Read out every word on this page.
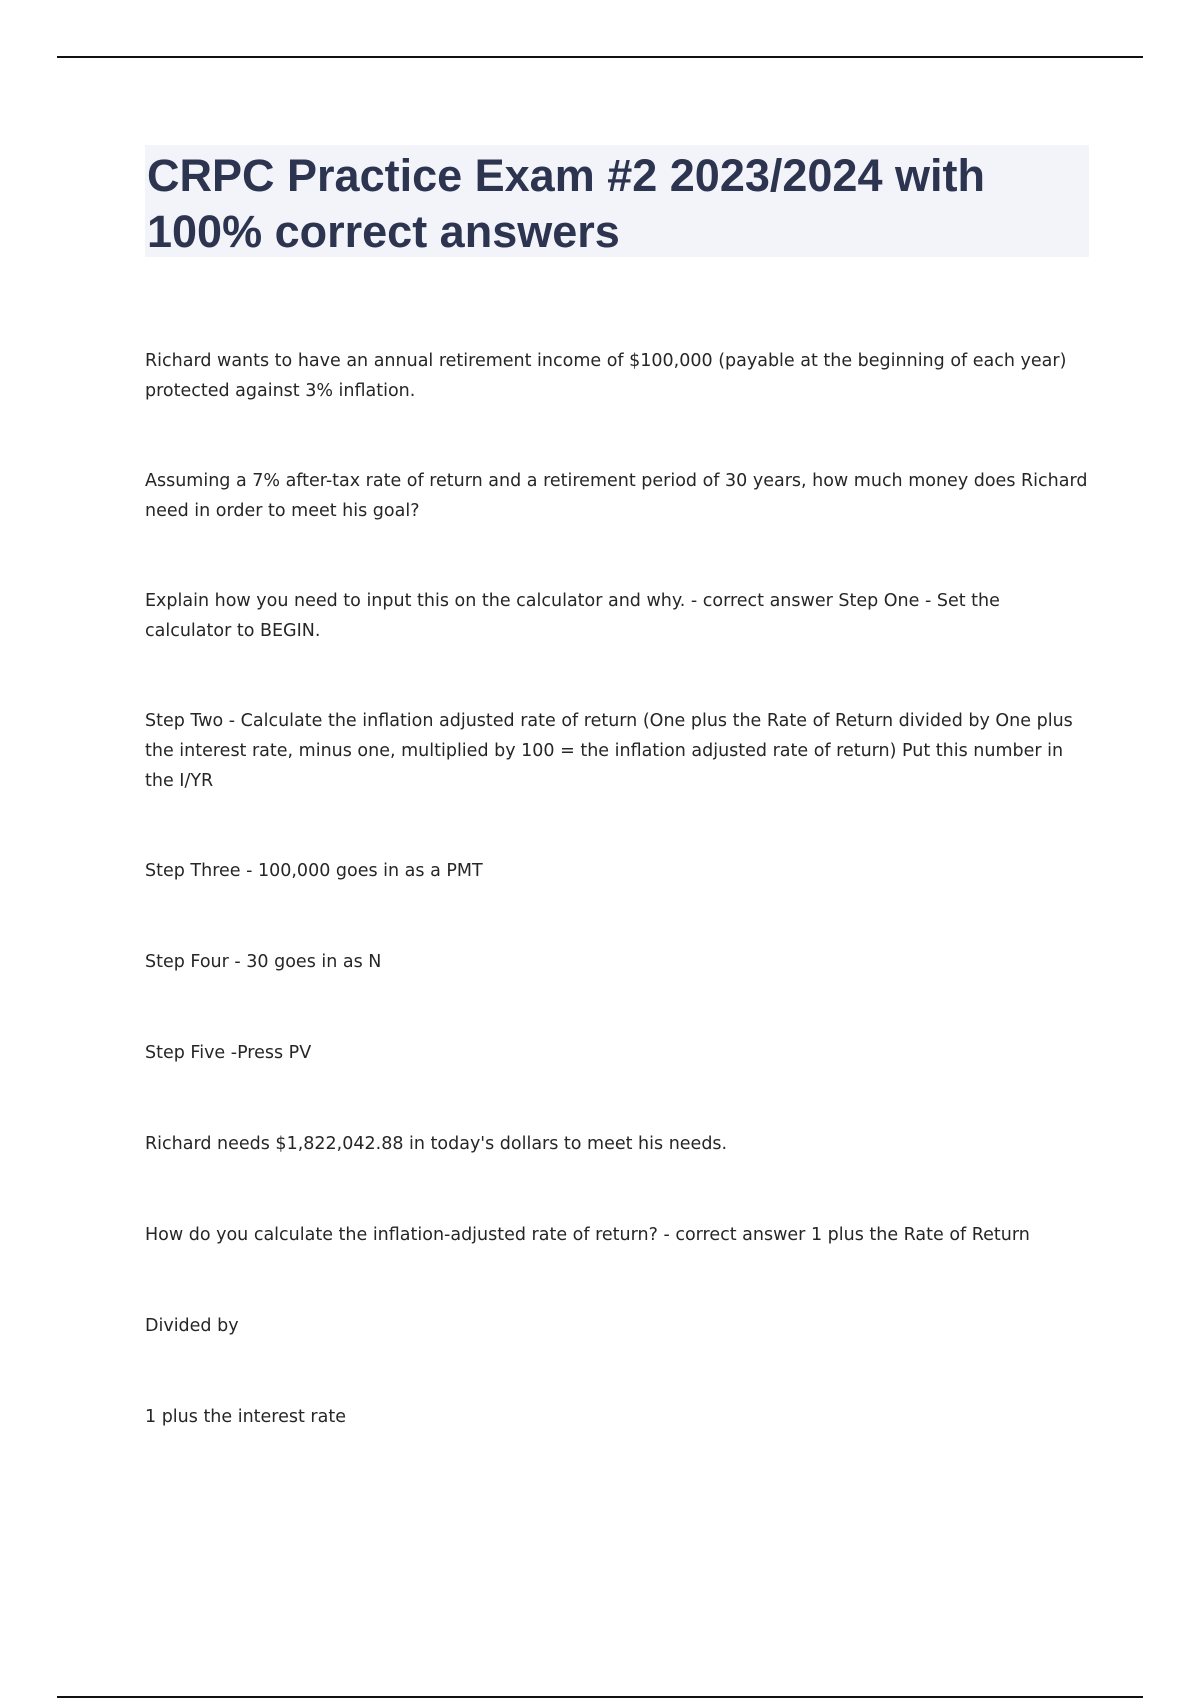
CRPC Practice Exam #2 2023/2024 with 100% correct answers

Richard wants to have an annual retirement income of $100,000 (payable at the beginning of each year) protected against 3% inflation.

Assuming a 7% after-tax rate of return and a retirement period of 30 years, how much money does Richard need in order to meet his goal?

Explain how you need to input this on the calculator and why. - correct answer Step One - Set the calculator to BEGIN.

Step Two - Calculate the inflation adjusted rate of return (One plus the Rate of Return divided by One plus the interest rate, minus one, multiplied by 100 = the inflation adjusted rate of return) Put this number in the I/YR

Step Three - 100,000 goes in as a PMT

Step Four - 30 goes in as N

Step Five -Press PV

Richard needs $1,822,042.88 in today's dollars to meet his needs.

How do you calculate the inflation-adjusted rate of return? - correct answer 1 plus the Rate of Return

Divided by

1 plus the interest rate
